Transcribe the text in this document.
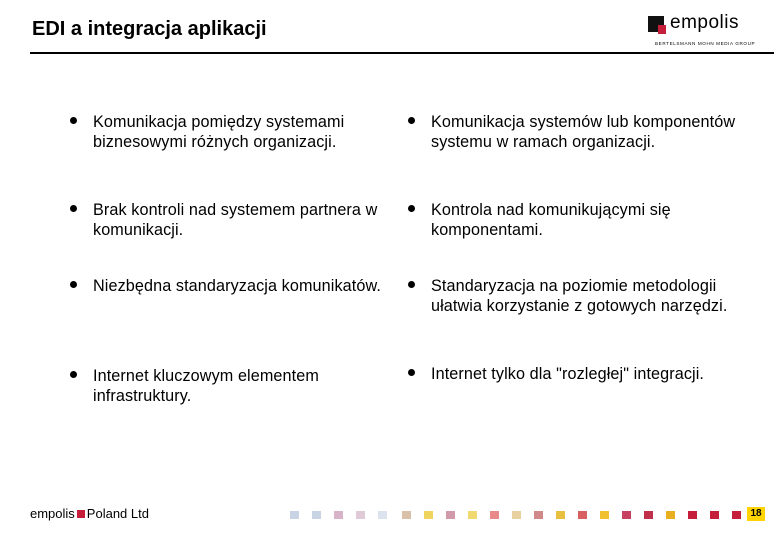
EDI a integracja aplikacji	empolis
BERTELSMANN MOHN MEDIA GROUP
Komunikacja pomiędzy systemami biznesowymi różnych organizacji.
Brak kontroli nad systemem partnera w komunikacji.
Niezbędna standaryzacja komunikatów.
Internet kluczowym elementem infrastruktury.
Komunikacja systemów lub komponentów systemu w ramach organizacji.
Kontrola nad komunikującymi się komponentami.
Standaryzacja na poziomie metodologii ułatwia korzystanie z gotowych narzędzi.
Internet tylko dla "rozległej" integracji.
empolis Poland Ltd	18
